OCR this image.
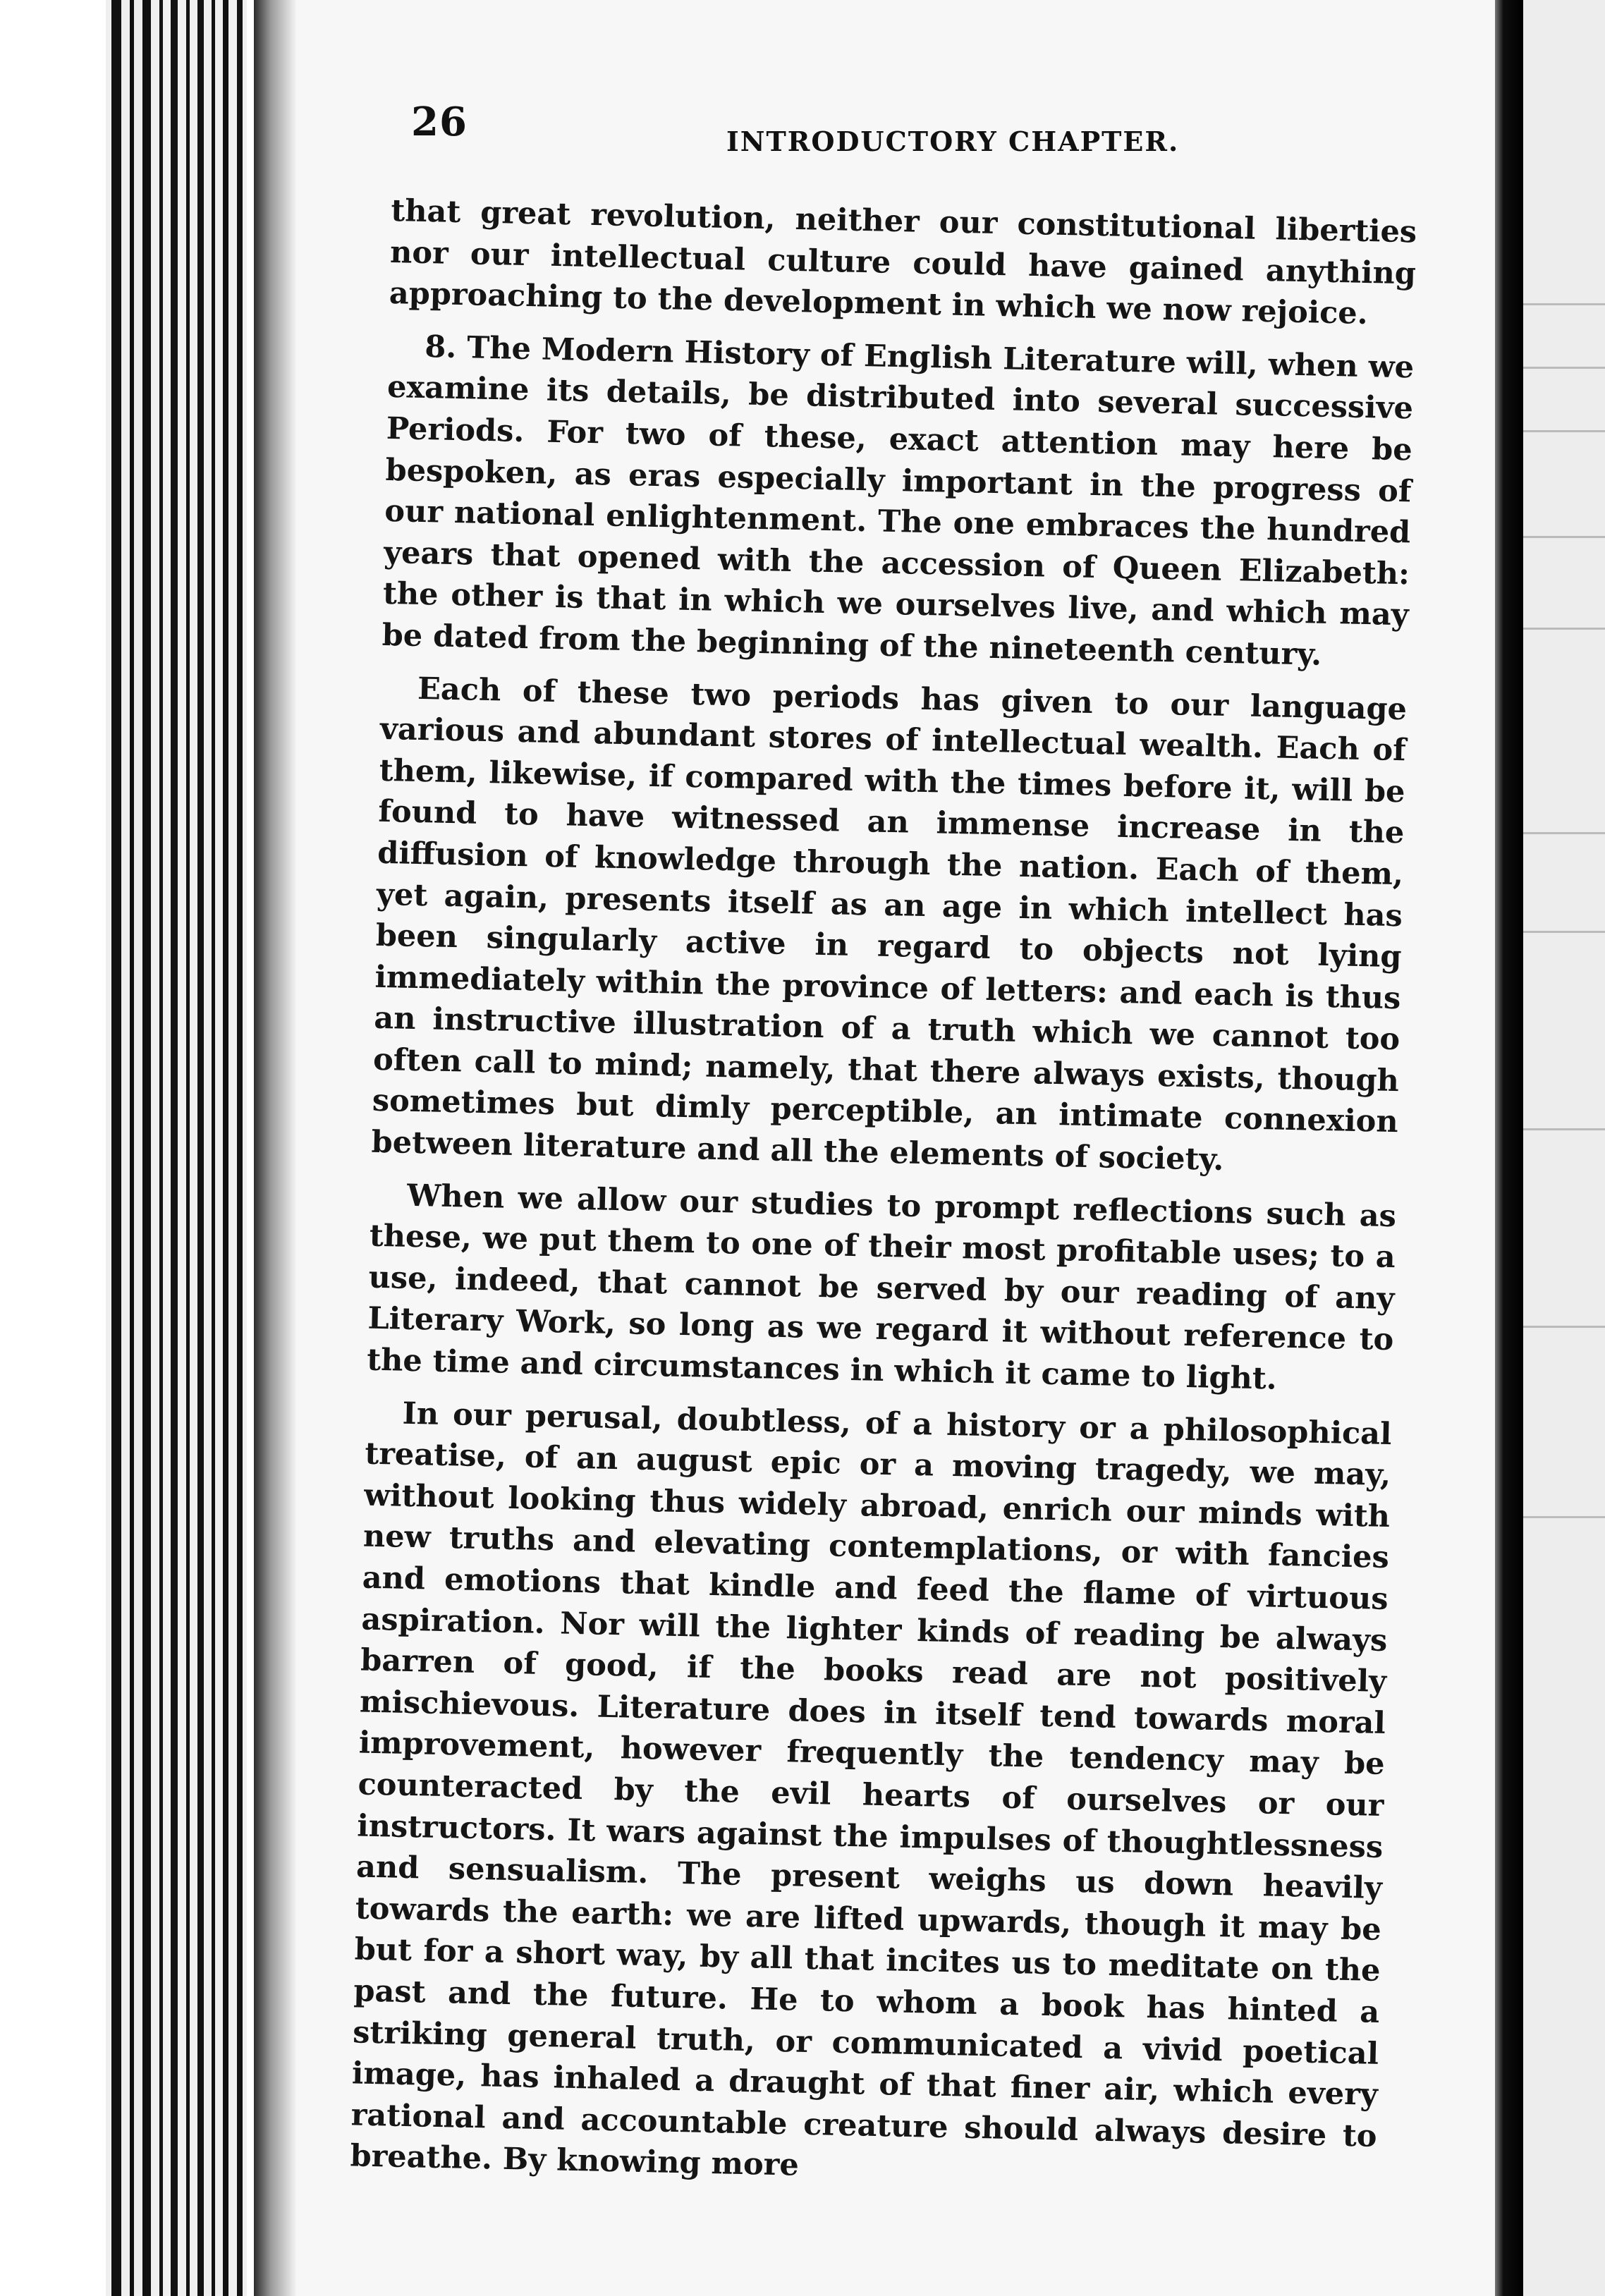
26	INTRODUCTORY CHAPTER.

that great revolution, neither our constitutional liberties nor our intellectual culture could have gained anything approaching to the development in which we now rejoice.

8. The Modern History of English Literature will, when we examine its details, be distributed into several successive Periods. For two of these, exact attention may here be bespoken, as eras especially important in the progress of our national enlightenment. The one embraces the hundred years that opened with the accession of Queen Elizabeth: the other is that in which we ourselves live, and which may be dated from the beginning of the nineteenth century.

Each of these two periods has given to our language various and abundant stores of intellectual wealth. Each of them, likewise, if compared with the times before it, will be found to have witnessed an immense increase in the diffusion of knowledge through the nation. Each of them, yet again, presents itself as an age in which intellect has been singularly active in regard to objects not lying immediately within the province of letters: and each is thus an instructive illustration of a truth which we cannot too often call to mind; namely, that there always exists, though sometimes but dimly perceptible, an intimate connexion between literature and all the elements of society.

When we allow our studies to prompt reflections such as these, we put them to one of their most profitable uses; to a use, indeed, that cannot be served by our reading of any Literary Work, so long as we regard it without reference to the time and circumstances in which it came to light.

In our perusal, doubtless, of a history or a philosophical treatise, of an august epic or a moving tragedy, we may, without looking thus widely abroad, enrich our minds with new truths and elevating contemplations, or with fancies and emotions that kindle and feed the flame of virtuous aspiration. Nor will the lighter kinds of reading be always barren of good, if the books read are not positively mischievous. Literature does in itself tend towards moral improvement, however frequently the tendency may be counteracted by the evil hearts of ourselves or our instructors. It wars against the impulses of thoughtlessness and sensualism. The present weighs us down heavily towards the earth: we are lifted upwards, though it may be but for a short way, by all that incites us to meditate on the past and the future. He to whom a book has hinted a striking general truth, or communicated a vivid poetical image, has inhaled a draught of that finer air, which every rational and accountable creature should always desire to breathe. By knowing more
